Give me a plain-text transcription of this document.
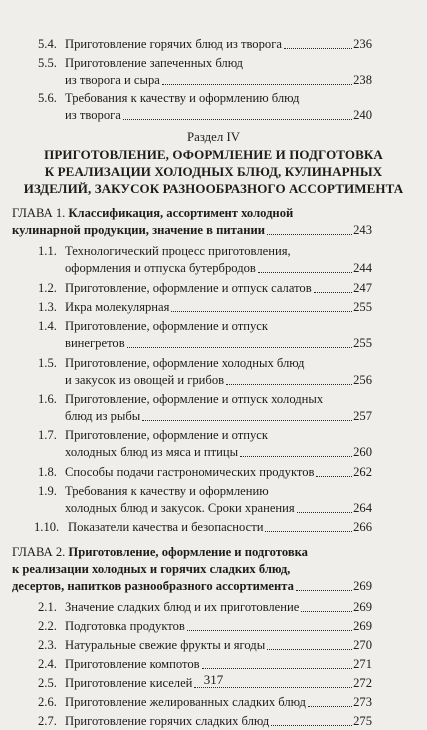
5.4. Приготовление горячих блюд из творога	236
5.5. Приготовление запеченных блюд
из творога и сыра	238
5.6. Требования к качеству и оформлению блюд
из творога	240
Раздел IV
ПРИГОТОВЛЕНИЕ, ОФОРМЛЕНИЕ И ПОДГОТОВКА
К РЕАЛИЗАЦИИ ХОЛОДНЫХ БЛЮД, КУЛИНАРНЫХ
ИЗДЕЛИЙ, ЗАКУСОК РАЗНООБРАЗНОГО АССОРТИМЕНТА
ГЛАВА 1. Классификация, ассортимент холодной
кулинарной продукции, значение в питании	243
1.1. Технологический процесс приготовления,
оформления и отпуска бутербродов	244
1.2. Приготовление, оформление и отпуск салатов	247
1.3. Икра молекулярная	255
1.4. Приготовление, оформление и отпуск
винегретов	255
1.5. Приготовление, оформление холодных блюд
и закусок из овощей и грибов	256
1.6. Приготовление, оформление и отпуск холодных
блюд из рыбы	257
1.7. Приготовление, оформление и отпуск
холодных блюд из мяса и птицы	260
1.8. Способы подачи гастрономических продуктов	262
1.9. Требования к качеству и оформлению
холодных блюд и закусок. Сроки хранения	264
1.10. Показатели качества и безопасности	266
ГЛАВА 2. Приготовление, оформление и подготовка
к реализации холодных и горячих сладких блюд,
десертов, напитков разнообразного ассортимента	269
2.1. Значение сладких блюд и их приготовление	269
2.2. Подготовка продуктов	269
2.3. Натуральные свежие фрукты и ягоды	270
2.4. Приготовление компотов	271
2.5. Приготовление киселей	272
2.6. Приготовление желированных сладких блюд	273
2.7. Приготовление горячих сладких блюд	275
317
